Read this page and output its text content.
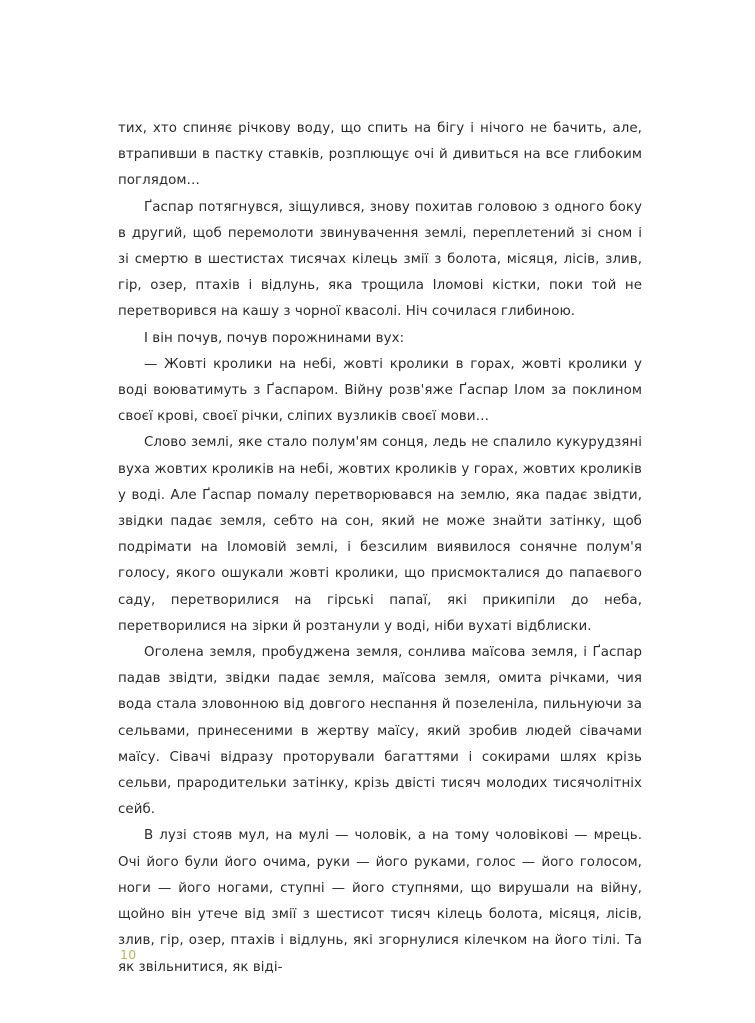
тих, хто спиняє річкову воду, що спить на бігу і нічого не бачить, але, втрапивши в пастку ставків, розплющує очі й дивиться на все глибоким поглядом…

Ґаспар потягнувся, зіщулився, знову похитав головою з одного боку в другий, щоб перемолоти звинувачення землі, переплетений зі сном і зі смертю в шестистах тисячах кілець змії з болота, місяця, лісів, злив, гір, озер, птахів і відлунь, яка трощила Іломові кістки, поки той не перетворився на кашу з чорної квасолі. Ніч сочилася глибиною.

І він почув, почув порожнинами вух:

— Жовті кролики на небі, жовті кролики в горах, жовті кролики у воді воюватимуть з Ґаспаром. Війну розв'яже Ґаспар Ілом за поклином своєї крові, своєї річки, сліпих вузликів своєї мови…

Слово землі, яке стало полум'ям сонця, ледь не спалило кукурудзяні вуха жовтих кроликів на небі, жовтих кроликів у горах, жовтих кроликів у воді. Але Ґаспар помалу перетворювався на землю, яка падає звідти, звідки падає земля, себто на сон, який не може знайти затінку, щоб подрімати на Іломовій землі, і безсилим виявилося сонячне полум'я голосу, якого ошукали жовті кролики, що присмокталися до папаєвого саду, перетворилися на гірські папаї, які прикипіли до неба, перетворилися на зірки й розтанули у воді, ніби вухаті відблиски.

Оголена земля, пробуджена земля, сонлива маїсова земля, і Ґаспар падав звідти, звідки падає земля, маїсова земля, омита річками, чия вода стала зловонною від довгого неспання й позеленіла, пильнуючи за сельвами, принесеними в жертву маїсу, який зробив людей сівачами маїсу. Сівачі відразу проторували багаттями і сокирами шлях крізь сельви, прародительки затінку, крізь двісті тисяч молодих тисячолітніх сейб.

В лузі стояв мул, на мулі — чоловік, а на тому чоловікові — мрець. Очі його були його очима, руки — його руками, голос — його голосом, ноги — його ногами, ступні — його ступнями, що вирушали на війну, щойно він утече від змії з шестисот тисяч кілець болота, місяця, лісів, злив, гір, озер, птахів і відлунь, які згорнулися кілечком на його тілі. Та як звільнитися, як віді-

10
